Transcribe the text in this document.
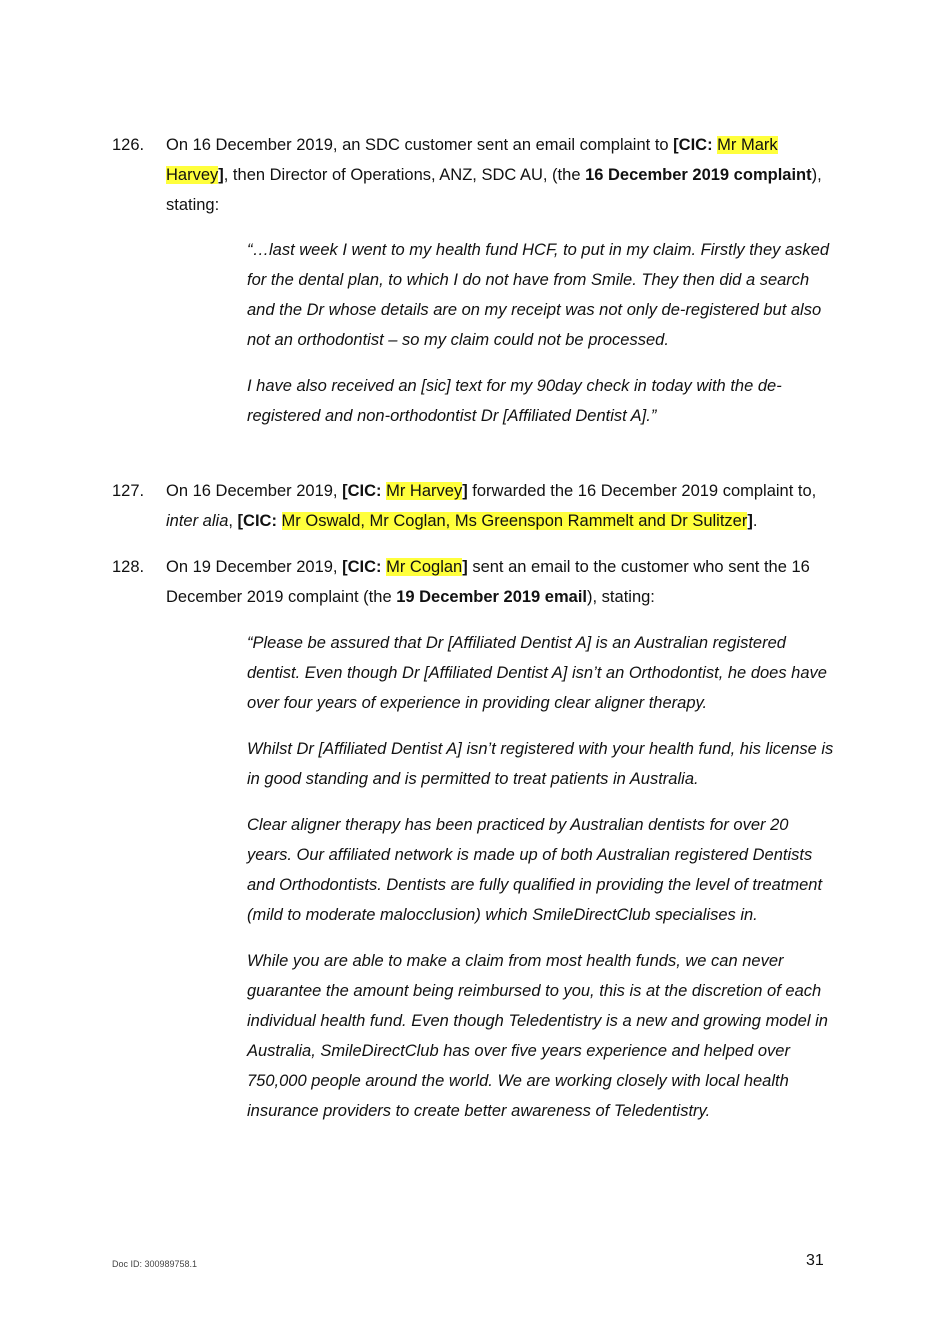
126. On 16 December 2019, an SDC customer sent an email complaint to [CIC: Mr Mark Harvey], then Director of Operations, ANZ, SDC AU, (the 16 December 2019 complaint), stating:

“…last week I went to my health fund HCF, to put in my claim. Firstly they asked for the dental plan, to which I do not have from Smile. They then did a search and the Dr whose details are on my receipt was not only de-registered but also not an orthodontist – so my claim could not be processed.

I have also received an [sic] text for my 90day check in today with the de-registered and non-orthodontist Dr [Affiliated Dentist A].”

127. On 16 December 2019, [CIC: Mr Harvey] forwarded the 16 December 2019 complaint to, inter alia, [CIC: Mr Oswald, Mr Coglan, Ms Greenspon Rammelt and Dr Sulitzer].
128. On 19 December 2019, [CIC: Mr Coglan] sent an email to the customer who sent the 16 December 2019 complaint (the 19 December 2019 email), stating:

“Please be assured that Dr [Affiliated Dentist A] is an Australian registered dentist. Even though Dr [Affiliated Dentist A] isn’t an Orthodontist, he does have over four years of experience in providing clear aligner therapy.

Whilst Dr [Affiliated Dentist A] isn’t registered with your health fund, his license is in good standing and is permitted to treat patients in Australia.

Clear aligner therapy has been practiced by Australian dentists for over 20 years. Our affiliated network is made up of both Australian registered Dentists and Orthodontists. Dentists are fully qualified in providing the level of treatment (mild to moderate malocclusion) which SmileDirectClub specialises in.

While you are able to make a claim from most health funds, we can never guarantee the amount being reimbursed to you, this is at the discretion of each individual health fund. Even though Teledentistry is a new and growing model in Australia, SmileDirectClub has over five years experience and helped over 750,000 people around the world. We are working closely with local health insurance providers to create better awareness of Teledentistry.

Doc ID: 300989758.1	31
